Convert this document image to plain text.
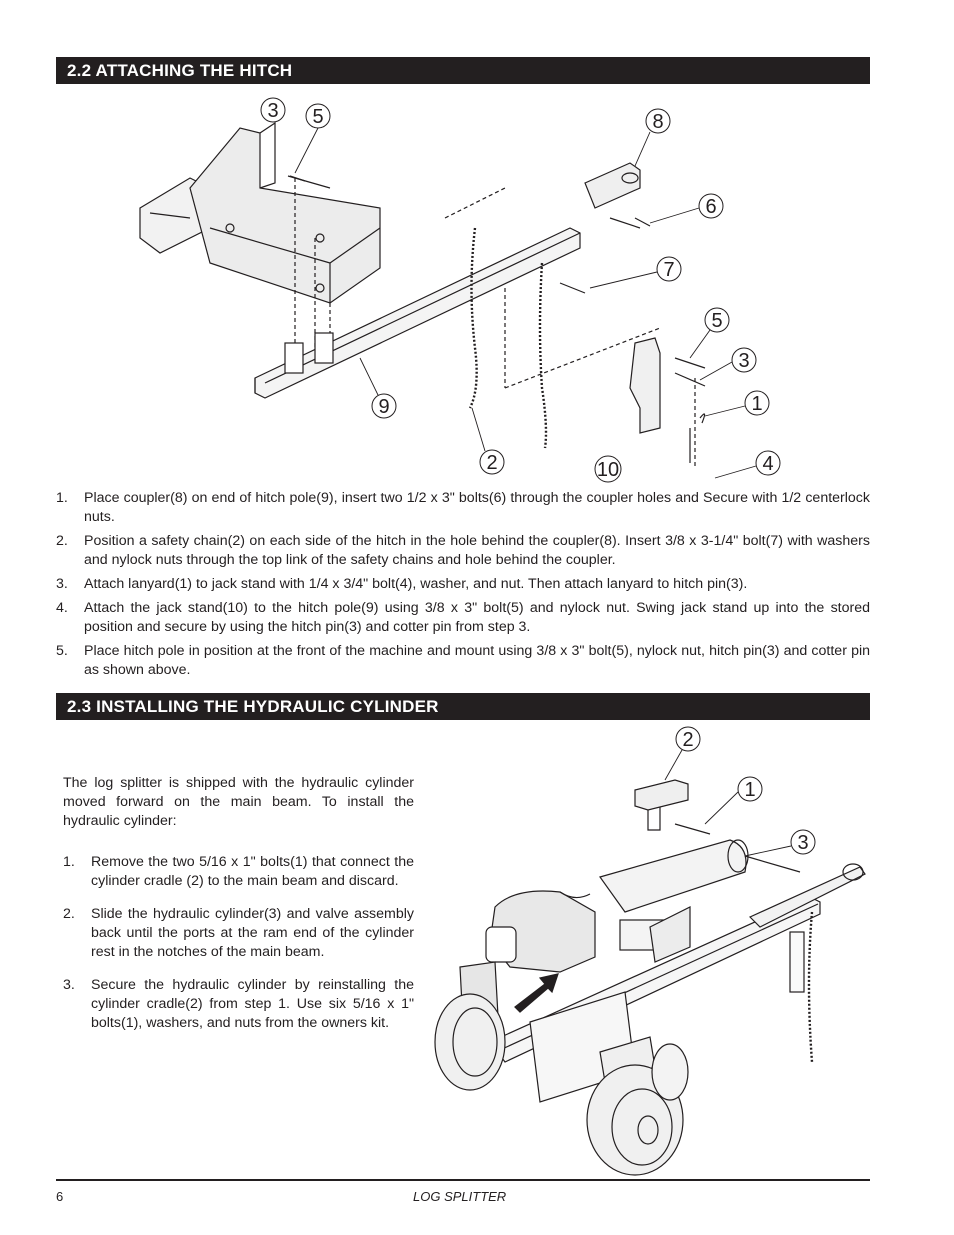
2.2 ATTACHING THE HITCH
3 5	8
6
7
5
3
1
9
2	10	4
1. Place coupler(8) on end of hitch pole(9), insert two 1/2 x 3" bolts(6) through the coupler holes and Secure with 1/2 centerlock nuts.
2. Position a safety chain(2) on each side of the hitch in the hole behind the coupler(8). Insert 3/8 x 3-1/4" bolt(7) with washers and nylock nuts through the top link of the safety chains and hole behind the coupler.
3. Attach lanyard(1) to jack stand with 1/4 x 3/4" bolt(4), washer, and nut. Then attach lanyard to hitch pin(3).
4. Attach the jack stand(10) to the hitch pole(9) using 3/8 x 3" bolt(5) and nylock nut. Swing jack stand up into the stored position and secure by using the hitch pin(3) and cotter pin from step 3.
5. Place hitch pole in position at the front of the machine and mount using 3/8 x 3" bolt(5), nylock nut, hitch pin(3) and cotter pin as shown above.
2.3 INSTALLING THE HYDRAULIC CYLINDER

The log splitter is shipped with the hydraulic cylinder moved forward on the main beam. To install the hydraulic cylinder:

1. Remove the two 5/16 x 1" bolts(1) that connect the cylinder cradle (2) to the main beam and discard.
2. Slide the hydraulic cylinder(3) and valve assembly back until the ports at the ram end of the cylinder rest in the notches of the main beam.
3. Secure the hydraulic cylinder by reinstalling the cylinder cradle(2) from step 1. Use six 5/16 x 1" bolts(1), washers, and nuts from the owners kit.
2
1
3
6	LOG SPLITTER
